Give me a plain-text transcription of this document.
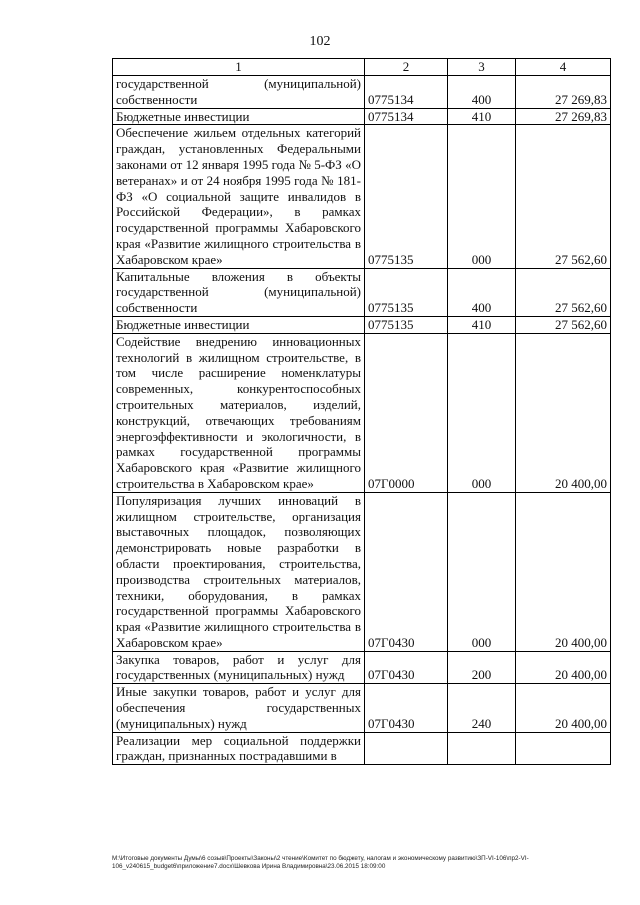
102
1	2	3	4
государственной (муниципальной) собственности	0775134	400	27 269,83
Бюджетные инвестиции	0775134	410	27 269,83
Обеспечение жильем отдельных категорий граждан, установленных Федеральными законами от 12 января 1995 года № 5-ФЗ «О ветеранах» и от 24 ноября 1995 года № 181-ФЗ «О социальной защите инвалидов в Российской Федерации», в рамках государственной программы Хабаровского края «Развитие жилищного строительства в Хабаровском крае»	0775135	000	27 562,60
Капитальные вложения в объекты государственной (муниципальной) собственности	0775135	400	27 562,60
Бюджетные инвестиции	0775135	410	27 562,60
Содействие внедрению инновационных технологий в жилищном строительстве, в том числе расширение номенклатуры современных, конкурентоспособных строительных материалов, изделий, конструкций, отвечающих требованиям энергоэффективности и экологичности, в рамках государственной программы Хабаровского края «Развитие жилищного строительства в Хабаровском крае»	07Г0000	000	20 400,00
Популяризация лучших инноваций в жилищном строительстве, организация выставочных площадок, позволяющих демонстрировать новые разработки в области проектирования, строительства, производства строительных материалов, техники, оборудования, в рамках государственной программы Хабаровского края «Развитие жилищного строительства в Хабаровском крае»	07Г0430	000	20 400,00
Закупка товаров, работ и услуг для государственных (муниципальных) нужд	07Г0430	200	20 400,00
Иные закупки товаров, работ и услуг для обеспечения государственных (муниципальных) нужд	07Г0430	240	20 400,00
Реализации мер социальной поддержки граждан, признанных пострадавшими в			
M:\Итоговые документы Думы\6 созыв\Проекты\Законы\2 чтение\Комитет по бюджету, налогам и экономическому развитию\ЗП-VI-106\пр2-VI-
106_v240615_budget6\приложение7.docx\Шевкова Ирина Владимировна\23.06.2015 18:09:00
